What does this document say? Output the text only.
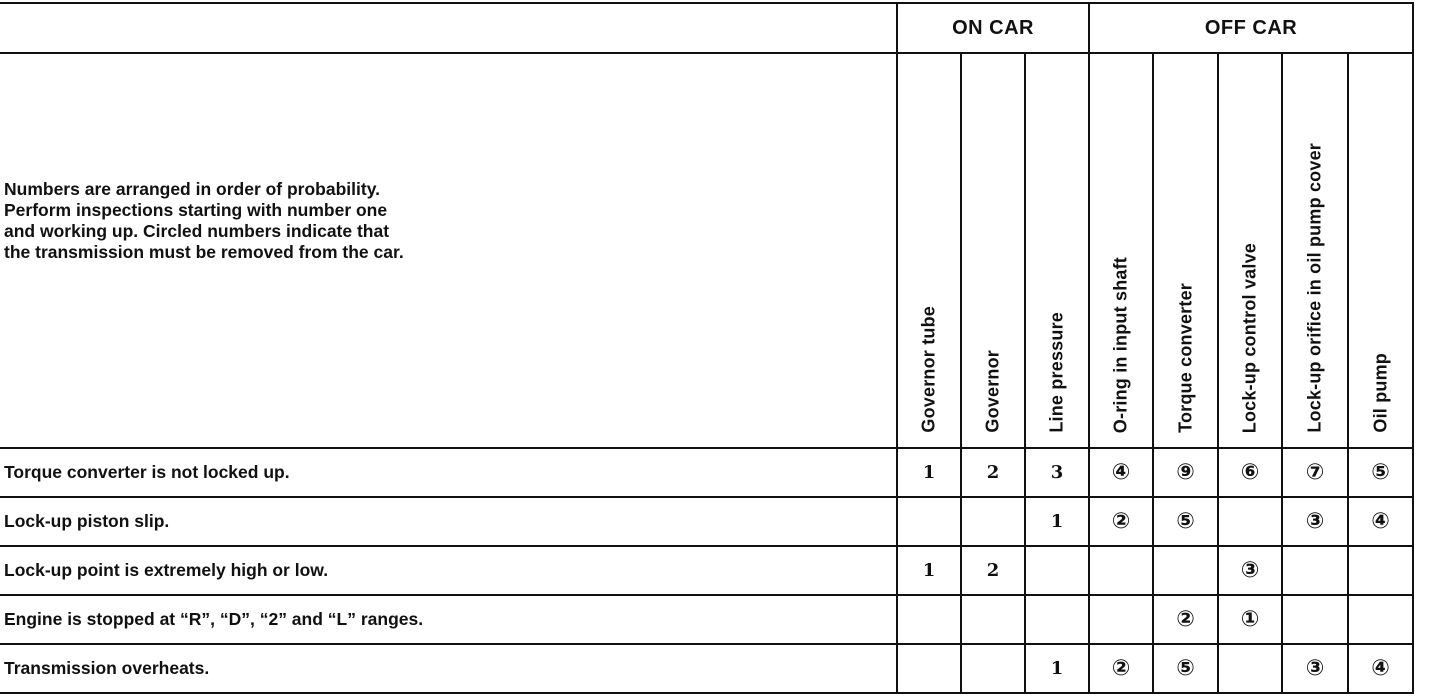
	ON CAR			OFF CAR				

Numbers are arranged in order of probability.
Perform inspections starting with number one
and working up. Circled numbers indicate that
the transmission must be removed from the car.	Governor tube	Governor	Line pressure	O-ring in input shaft	Torque converter	Lock-up control valve	Lock-up orifice in oil pump cover	Oil pump

Torque converter is not locked up.	1	2	3	④	⑨	⑥	⑦	⑤
Lock-up piston slip.			1	②	⑤		③	④
Lock-up point is extremely high or low.	1	2				③		
Engine is stopped at “R”, “D”, “2” and “L” ranges.					②	①		
Transmission overheats.			1	②	⑤		③	④
